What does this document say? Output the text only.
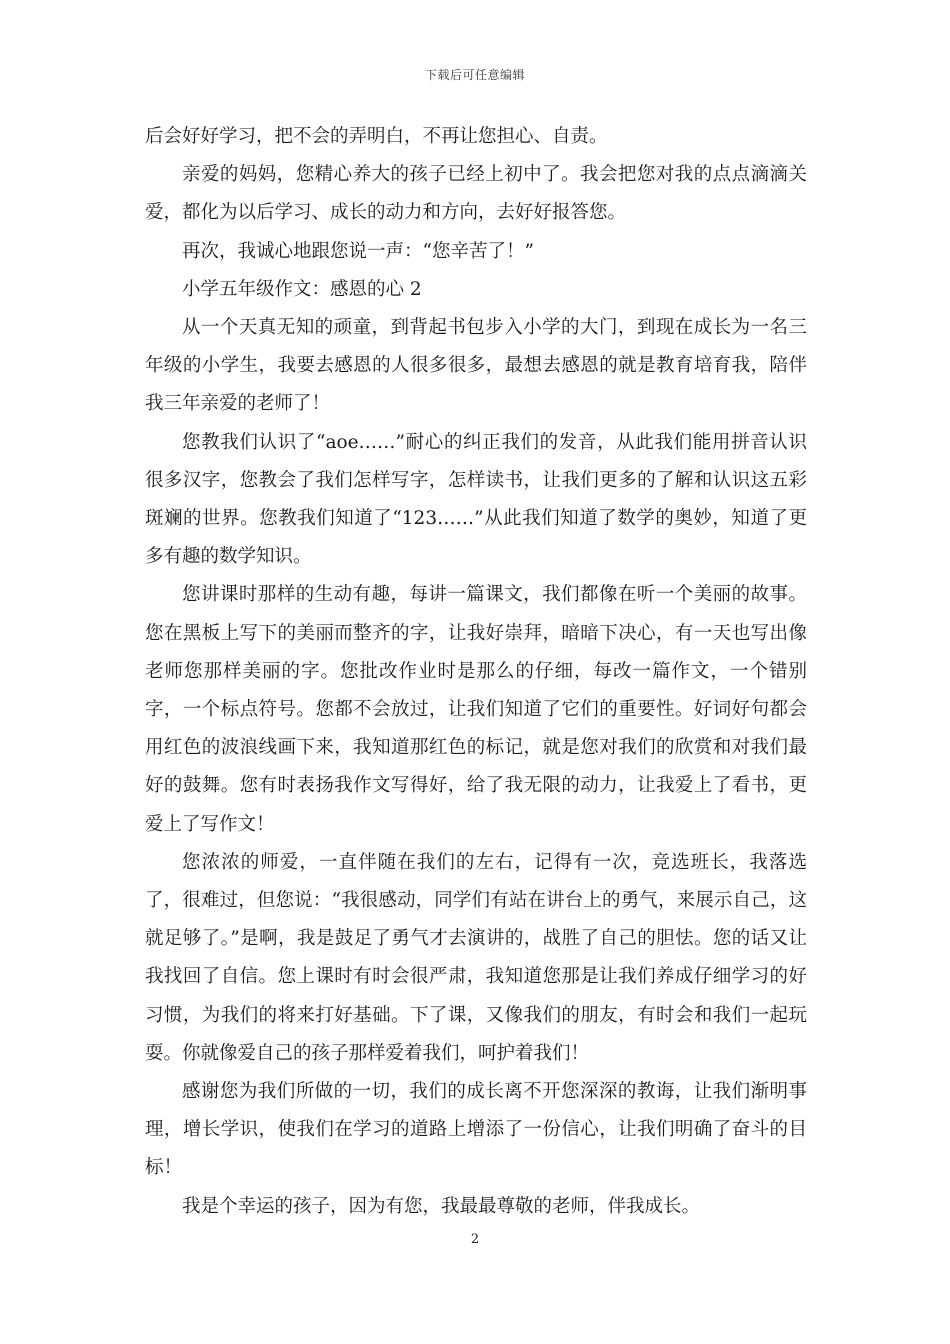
下载后可任意编辑

后会好好学习，把不会的弄明白，不再让您担心、自责。

亲爱的妈妈，您精心养大的孩子已经上初中了。我会把您对我的点点滴滴关爱，都化为以后学习、成长的动力和方向，去好好报答您。

再次，我诚心地跟您说一声：“您辛苦了！”

小学五年级作文：感恩的心 2

从一个天真无知的顽童，到背起书包步入小学的大门，到现在成长为一名三年级的小学生，我要去感恩的人很多很多，最想去感恩的就是教育培育我，陪伴我三年亲爱的老师了！

您教我们认识了“aoe……”耐心的纠正我们的发音，从此我们能用拼音认识很多汉字，您教会了我们怎样写字，怎样读书，让我们更多的了解和认识这五彩斑斓的世界。您教我们知道了“123……”从此我们知道了数学的奥妙，知道了更多有趣的数学知识。

您讲课时那样的生动有趣，每讲一篇课文，我们都像在听一个美丽的故事。您在黑板上写下的美丽而整齐的字，让我好崇拜，暗暗下决心，有一天也写出像老师您那样美丽的字。您批改作业时是那么的仔细，每改一篇作文，一个错别字，一个标点符号。您都不会放过，让我们知道了它们的重要性。好词好句都会用红色的波浪线画下来，我知道那红色的标记，就是您对我们的欣赏和对我们最好的鼓舞。您有时表扬我作文写得好，给了我无限的动力，让我爱上了看书，更爱上了写作文！

您浓浓的师爱，一直伴随在我们的左右，记得有一次，竞选班长，我落选了，很难过，但您说：“我很感动，同学们有站在讲台上的勇气，来展示自己，这就足够了。”是啊，我是鼓足了勇气才去演讲的，战胜了自己的胆怯。您的话又让我找回了自信。您上课时有时会很严肃，我知道您那是让我们养成仔细学习的好习惯，为我们的将来打好基础。下了课，又像我们的朋友，有时会和我们一起玩耍。你就像爱自己的孩子那样爱着我们，呵护着我们！

感谢您为我们所做的一切，我们的成长离不开您深深的教诲，让我们渐明事理，增长学识，使我们在学习的道路上增添了一份信心，让我们明确了奋斗的目标！

我是个幸运的孩子，因为有您，我最最尊敬的老师，伴我成长。

2
